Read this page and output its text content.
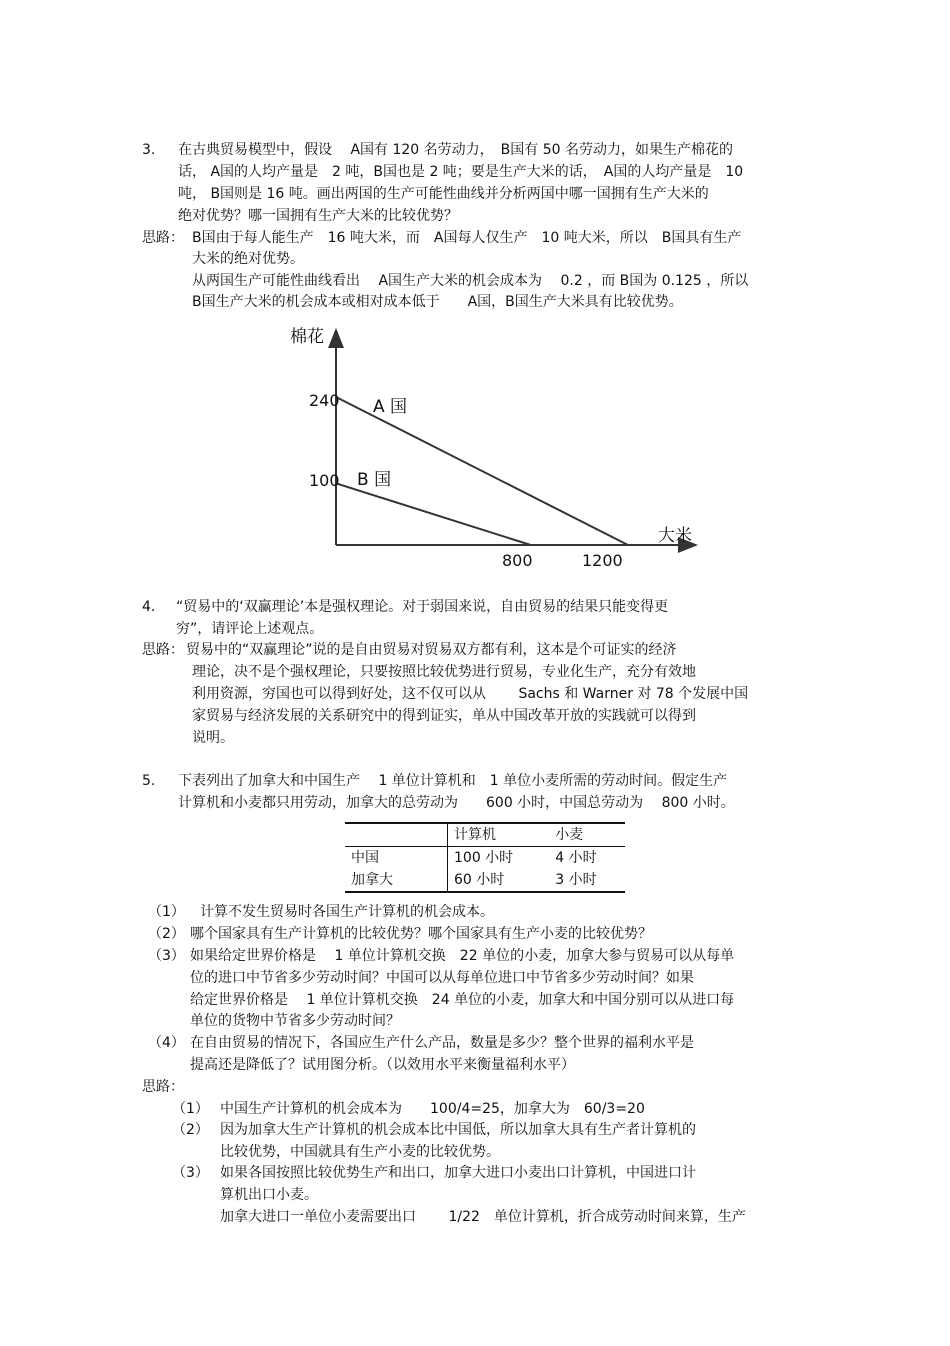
3. 在古典贸易模型中，假设　 A国有 120 名劳动力，　B国有 50 名劳动力，如果生产棉花的
话， A国的人均产量是　2 吨，B国也是 2 吨；要是生产大米的话，　A国的人均产量是　10
吨， B国则是 16 吨。画出两国的生产可能性曲线并分析两国中哪一国拥有生产大米的
绝对优势？哪一国拥有生产大米的比较优势？
思路： B国由于每人能生产　16 吨大米，而　A国每人仅生产　10 吨大米，所以　B国具有生产
大米的绝对优势。
从两国生产可能性曲线看出　 A国生产大米的机会成本为　 0.2 ，而 B国为 0.125 ，所以
B国生产大米的机会成本或相对成本低于　　A国，B国生产大米具有比较优势。
棉花
大米
A 国
B 国
240
100
800	1200
4. “贸易中的‘双赢理论’本是强权理论。对于弱国来说，自由贸易的结果只能变得更
穷”，请评论上述观点。
思路： 贸易中的“双赢理论”说的是自由贸易对贸易双方都有利，这本是个可证实的经济
理论，决不是个强权理论，只要按照比较优势进行贸易，专业化生产，充分有效地
利用资源，穷国也可以得到好处，这不仅可以从　　 Sachs 和 Warner 对 78 个发展中国
家贸易与经济发展的关系研究中的得到证实，单从中国改革开放的实践就可以得到
说明。
5. 下表列出了加拿大和中国生产　 1 单位计算机和　1 单位小麦所需的劳动时间。假定生产
计算机和小麦都只用劳动，加拿大的总劳动为　　600 小时，中国总劳动为　 800 小时。
	计算机	小麦
中国	100 小时	4 小时
加拿大	60 小时	3 小时
（1） 计算不发生贸易时各国生产计算机的机会成本。
（2） 哪个国家具有生产计算机的比较优势？哪个国家具有生产小麦的比较优势？
（3） 如果给定世界价格是　 1 单位计算机交换　22 单位的小麦，加拿大参与贸易可以从每单
位的进口中节省多少劳动时间？中国可以从每单位进口中节省多少劳动时间？如果
给定世界价格是　 1 单位计算机交换　24 单位的小麦，加拿大和中国分别可以从进口每
单位的货物中节省多少劳动时间？
（4） 在自由贸易的情况下，各国应生产什么产品，数量是多少？整个世界的福利水平是
提高还是降低了？试用图分析。（以效用水平来衡量福利水平）
思路：
（1） 中国生产计算机的机会成本为　　100/4=25，加拿大为　60/3=20
（2） 因为加拿大生产计算机的机会成本比中国低，所以加拿大具有生产者计算机的
比较优势，中国就具有生产小麦的比较优势。
（3） 如果各国按照比较优势生产和出口，加拿大进口小麦出口计算机，中国进口计
算机出口小麦。
加拿大进口一单位小麦需要出口　　 1/22　单位计算机，折合成劳动时间来算，生产
